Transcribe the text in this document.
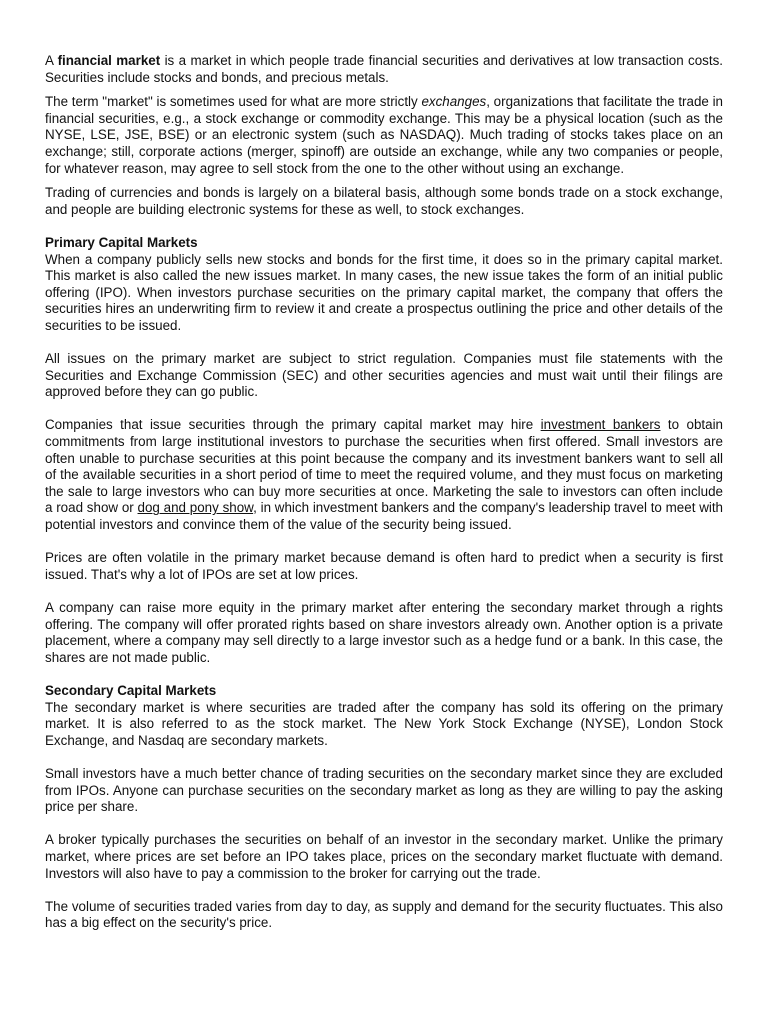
A financial market is a market in which people trade financial securities and derivatives at low transaction costs. Securities include stocks and bonds, and precious metals.

The term "market" is sometimes used for what are more strictly exchanges, organizations that facilitate the trade in financial securities, e.g., a stock exchange or commodity exchange. This may be a physical location (such as the NYSE, LSE, JSE, BSE) or an electronic system (such as NASDAQ). Much trading of stocks takes place on an exchange; still, corporate actions (merger, spinoff) are outside an exchange, while any two companies or people, for whatever reason, may agree to sell stock from the one to the other without using an exchange.

Trading of currencies and bonds is largely on a bilateral basis, although some bonds trade on a stock exchange, and people are building electronic systems for these as well, to stock exchanges.

Primary Capital Markets

When a company publicly sells new stocks and bonds for the first time, it does so in the primary capital market. This market is also called the new issues market. In many cases, the new issue takes the form of an initial public offering (IPO). When investors purchase securities on the primary capital market, the company that offers the securities hires an underwriting firm to review it and create a prospectus outlining the price and other details of the securities to be issued.

All issues on the primary market are subject to strict regulation. Companies must file statements with the Securities and Exchange Commission (SEC) and other securities agencies and must wait until their filings are approved before they can go public.

Companies that issue securities through the primary capital market may hire investment bankers to obtain commitments from large institutional investors to purchase the securities when first offered. Small investors are often unable to purchase securities at this point because the company and its investment bankers want to sell all of the available securities in a short period of time to meet the required volume, and they must focus on marketing the sale to large investors who can buy more securities at once. Marketing the sale to investors can often include a road show or dog and pony show, in which investment bankers and the company's leadership travel to meet with potential investors and convince them of the value of the security being issued.

Prices are often volatile in the primary market because demand is often hard to predict when a security is first issued. That's why a lot of IPOs are set at low prices.

A company can raise more equity in the primary market after entering the secondary market through a rights offering. The company will offer prorated rights based on share investors already own. Another option is a private placement, where a company may sell directly to a large investor such as a hedge fund or a bank. In this case, the shares are not made public.

Secondary Capital Markets

The secondary market is where securities are traded after the company has sold its offering on the primary market. It is also referred to as the stock market. The New York Stock Exchange (NYSE), London Stock Exchange, and Nasdaq are secondary markets.

Small investors have a much better chance of trading securities on the secondary market since they are excluded from IPOs. Anyone can purchase securities on the secondary market as long as they are willing to pay the asking price per share.

A broker typically purchases the securities on behalf of an investor in the secondary market. Unlike the primary market, where prices are set before an IPO takes place, prices on the secondary market fluctuate with demand. Investors will also have to pay a commission to the broker for carrying out the trade.

The volume of securities traded varies from day to day, as supply and demand for the security fluctuates. This also has a big effect on the security's price.
